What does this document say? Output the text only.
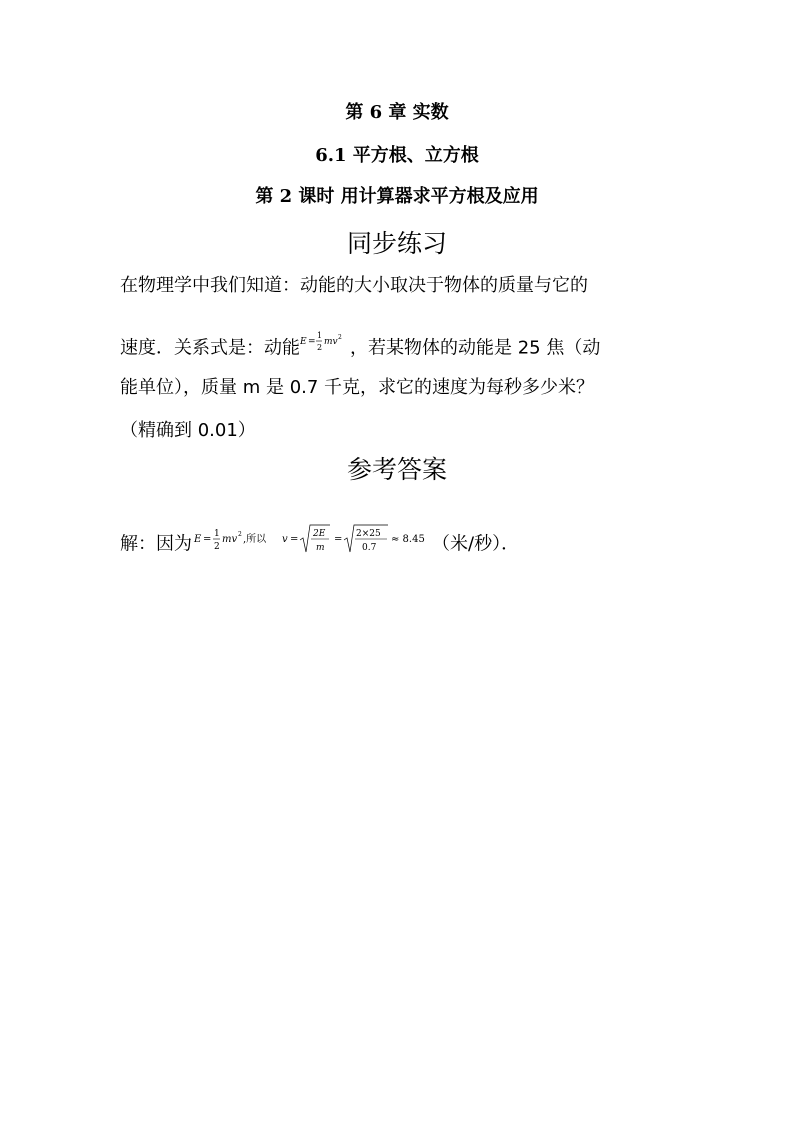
第 6 章 实数
6.1 平方根、立方根
第 2 课时 用计算器求平方根及应用
同步练习
在物理学中我们知道：动能的大小取决于物体的质量与它的
速度．关系式是：动能 E =
1
2
mv 2 ，若某物体的动能是 25 焦（动
能单位），质量 m 是 0.7 千克，求它的速度为每秒多少米？
（精确到 0.01）
参考答案
解：因为 E = 1
2
mv 2 ,所以 v = 2E
m
= 2×25
0.7
≈ 8.45 （米/秒）．
